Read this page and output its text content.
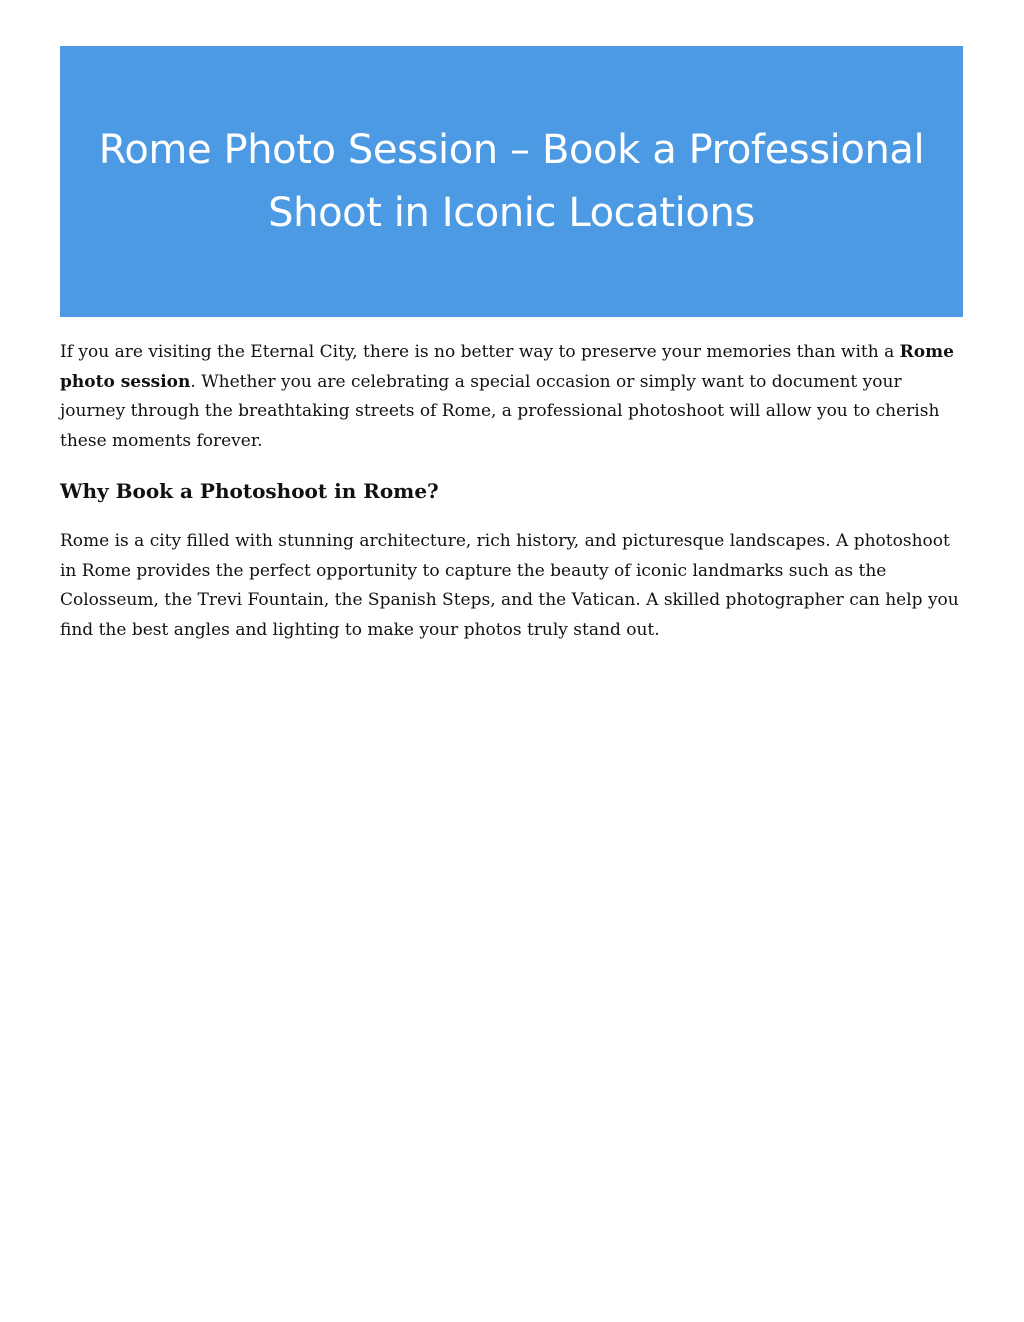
Rome Photo Session – Book a Professional Shoot in Iconic Locations

If you are visiting the Eternal City, there is no better way to preserve your memories than with a Rome photo session. Whether you are celebrating a special occasion or simply want to document your journey through the breathtaking streets of Rome, a professional photoshoot will allow you to cherish these moments forever.

Why Book a Photoshoot in Rome?

Rome is a city filled with stunning architecture, rich history, and picturesque landscapes. A photoshoot in Rome provides the perfect opportunity to capture the beauty of iconic landmarks such as the Colosseum, the Trevi Fountain, the Spanish Steps, and the Vatican. A skilled photographer can help you find the best angles and lighting to make your photos truly stand out.
